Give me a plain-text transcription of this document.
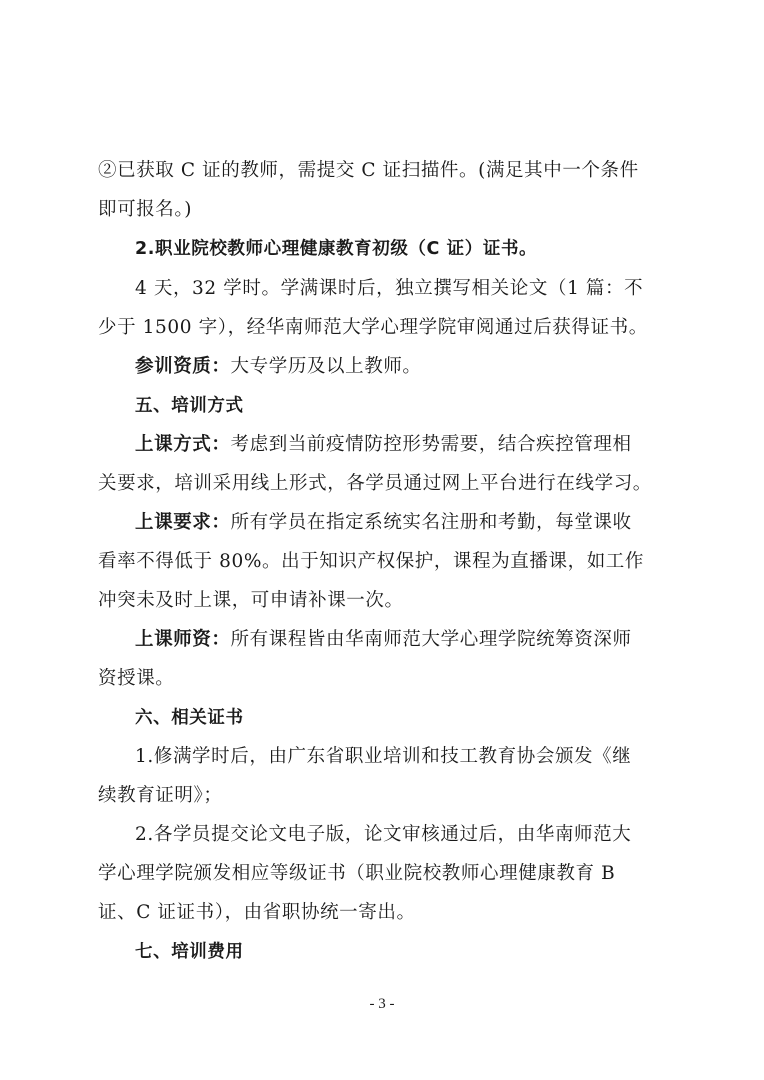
②已获取 C 证的教师，需提交 C 证扫描件。(满足其中一个条件
即可报名。)
2.职业院校教师心理健康教育初级（C 证）证书。
4 天，32 学时。学满课时后，独立撰写相关论文（1 篇：不
少于 1500 字），经华南师范大学心理学院审阅通过后获得证书。
参训资质：大专学历及以上教师。
五、培训方式
上课方式：考虑到当前疫情防控形势需要，结合疾控管理相
关要求，培训采用线上形式，各学员通过网上平台进行在线学习。
上课要求：所有学员在指定系统实名注册和考勤，每堂课收
看率不得低于 80%。出于知识产权保护，课程为直播课，如工作
冲突未及时上课，可申请补课一次。
上课师资：所有课程皆由华南师范大学心理学院统筹资深师
资授课。
六、相关证书
1.修满学时后，由广东省职业培训和技工教育协会颁发《继
续教育证明》；
2.各学员提交论文电子版，论文审核通过后，由华南师范大
学心理学院颁发相应等级证书（职业院校教师心理健康教育 B
证、C 证证书），由省职协统一寄出。
七、培训费用
- 3 -
